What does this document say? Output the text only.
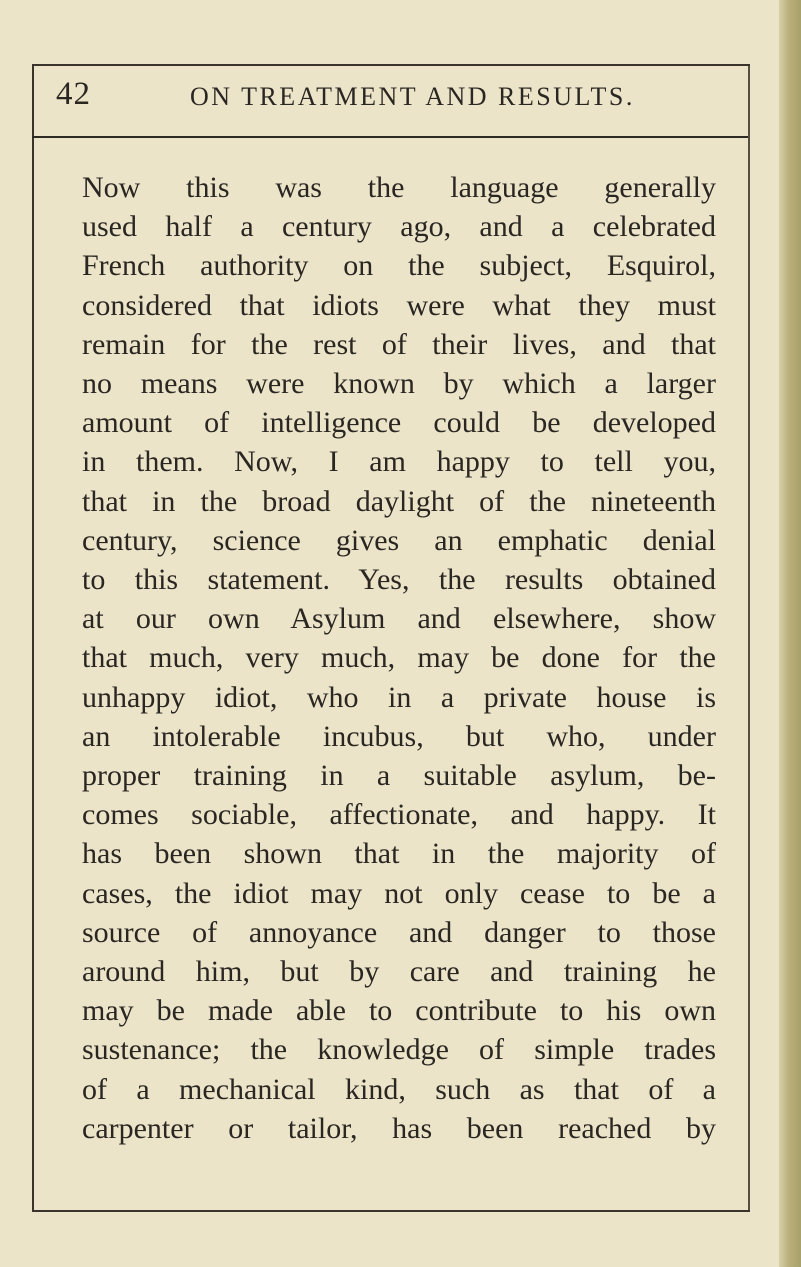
42	ON TREATMENT AND RESULTS.

Now this was the language generally
used half a century ago, and a celebrated
French authority on the subject, Esquirol,
considered that idiots were what they must
remain for the rest of their lives, and that
no means were known by which a larger
amount of intelligence could be developed
in them. Now, I am happy to tell you,
that in the broad daylight of the nineteenth
century, science gives an emphatic denial
to this statement. Yes, the results obtained
at our own Asylum and elsewhere, show
that much, very much, may be done for the
unhappy idiot, who in a private house is
an intolerable incubus, but who, under
proper training in a suitable asylum, be-
comes sociable, affectionate, and happy. It
has been shown that in the majority of
cases, the idiot may not only cease to be a
source of annoyance and danger to those
around him, but by care and training he
may be made able to contribute to his own
sustenance; the knowledge of simple trades
of a mechanical kind, such as that of a
carpenter or tailor, has been reached by
